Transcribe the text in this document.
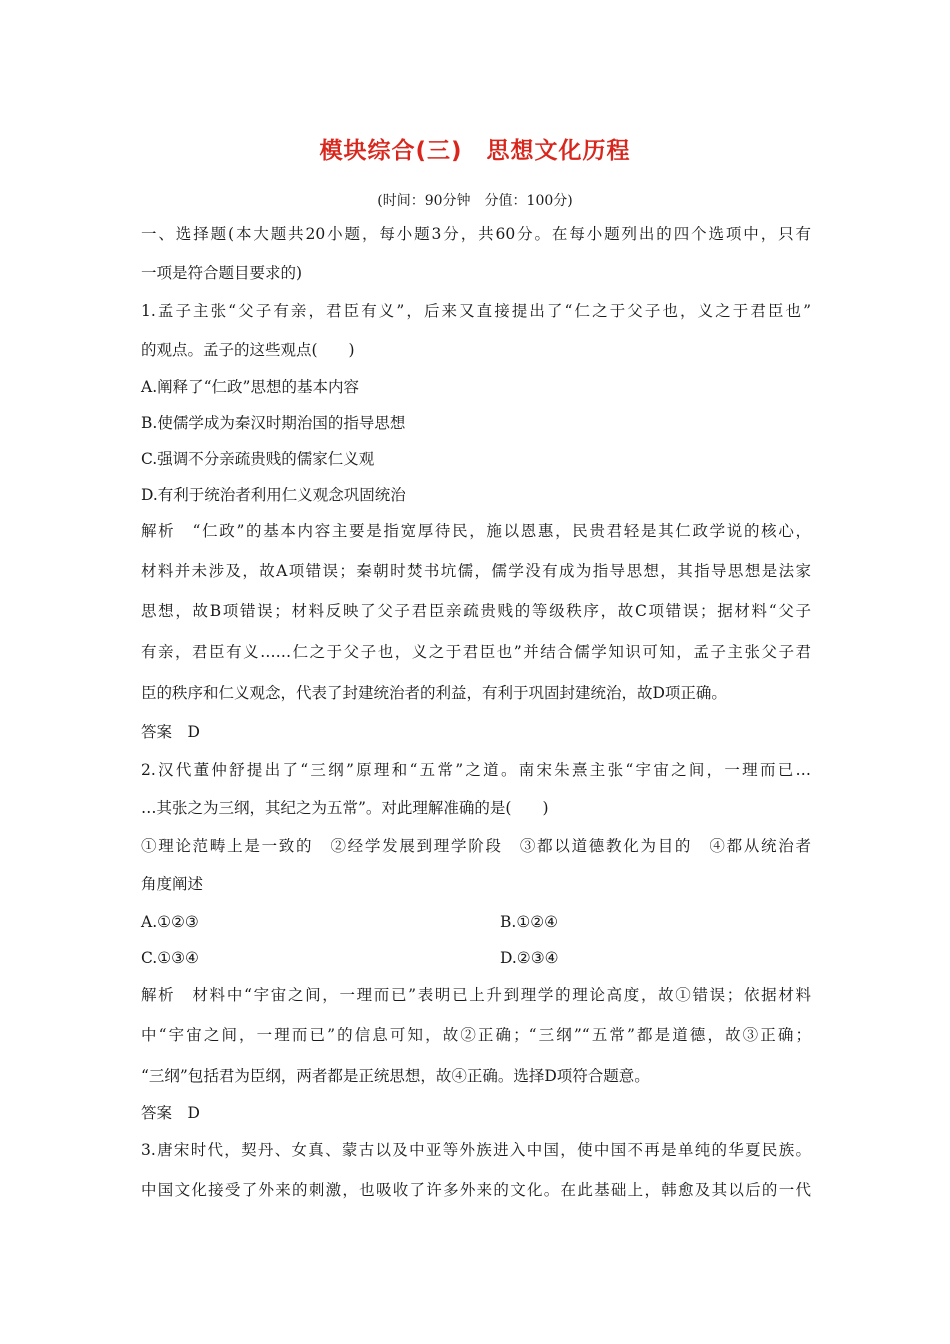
模块综合(三)　思想文化历程
(时间：90分钟　分值：100分)
一、选择题(本大题共20小题，每小题3分，共60分。在每小题列出的四个选项中，只有
一项是符合题目要求的)
1.孟子主张“父子有亲，君臣有义”，后来又直接提出了“仁之于父子也，义之于君臣也”
的观点。孟子的这些观点(　　)
A.阐释了“仁政”思想的基本内容
B.使儒学成为秦汉时期治国的指导思想
C.强调不分亲疏贵贱的儒家仁义观
D.有利于统治者利用仁义观念巩固统治
解析　“仁政”的基本内容主要是指宽厚待民，施以恩惠，民贵君轻是其仁政学说的核心，
材料并未涉及，故A项错误；秦朝时焚书坑儒，儒学没有成为指导思想，其指导思想是法家
思想，故B项错误；材料反映了父子君臣亲疏贵贱的等级秩序，故C项错误；据材料“父子
有亲，君臣有义……仁之于父子也，义之于君臣也”并结合儒学知识可知，孟子主张父子君
臣的秩序和仁义观念，代表了封建统治者的利益，有利于巩固封建统治，故D项正确。
答案　D
2.汉代董仲舒提出了“三纲”原理和“五常”之道。南宋朱熹主张“宇宙之间，一理而已…
…其张之为三纲，其纪之为五常”。对此理解准确的是(　　)
①理论范畴上是一致的　②经学发展到理学阶段　③都以道德教化为目的　④都从统治者
角度阐述
A.①②③	B.①②④
C.①③④	D.②③④
解析　材料中“宇宙之间，一理而已”表明已上升到理学的理论高度，故①错误；依据材料
中“宇宙之间，一理而已”的信息可知，故②正确；“三纲”“五常”都是道德，故③正确；
“三纲”包括君为臣纲，两者都是正统思想，故④正确。选择D项符合题意。
答案　D
3.唐宋时代，契丹、女真、蒙古以及中亚等外族进入中国，使中国不再是单纯的华夏民族。
中国文化接受了外来的刺激，也吸收了许多外来的文化。在此基础上，韩愈及其以后的一代
